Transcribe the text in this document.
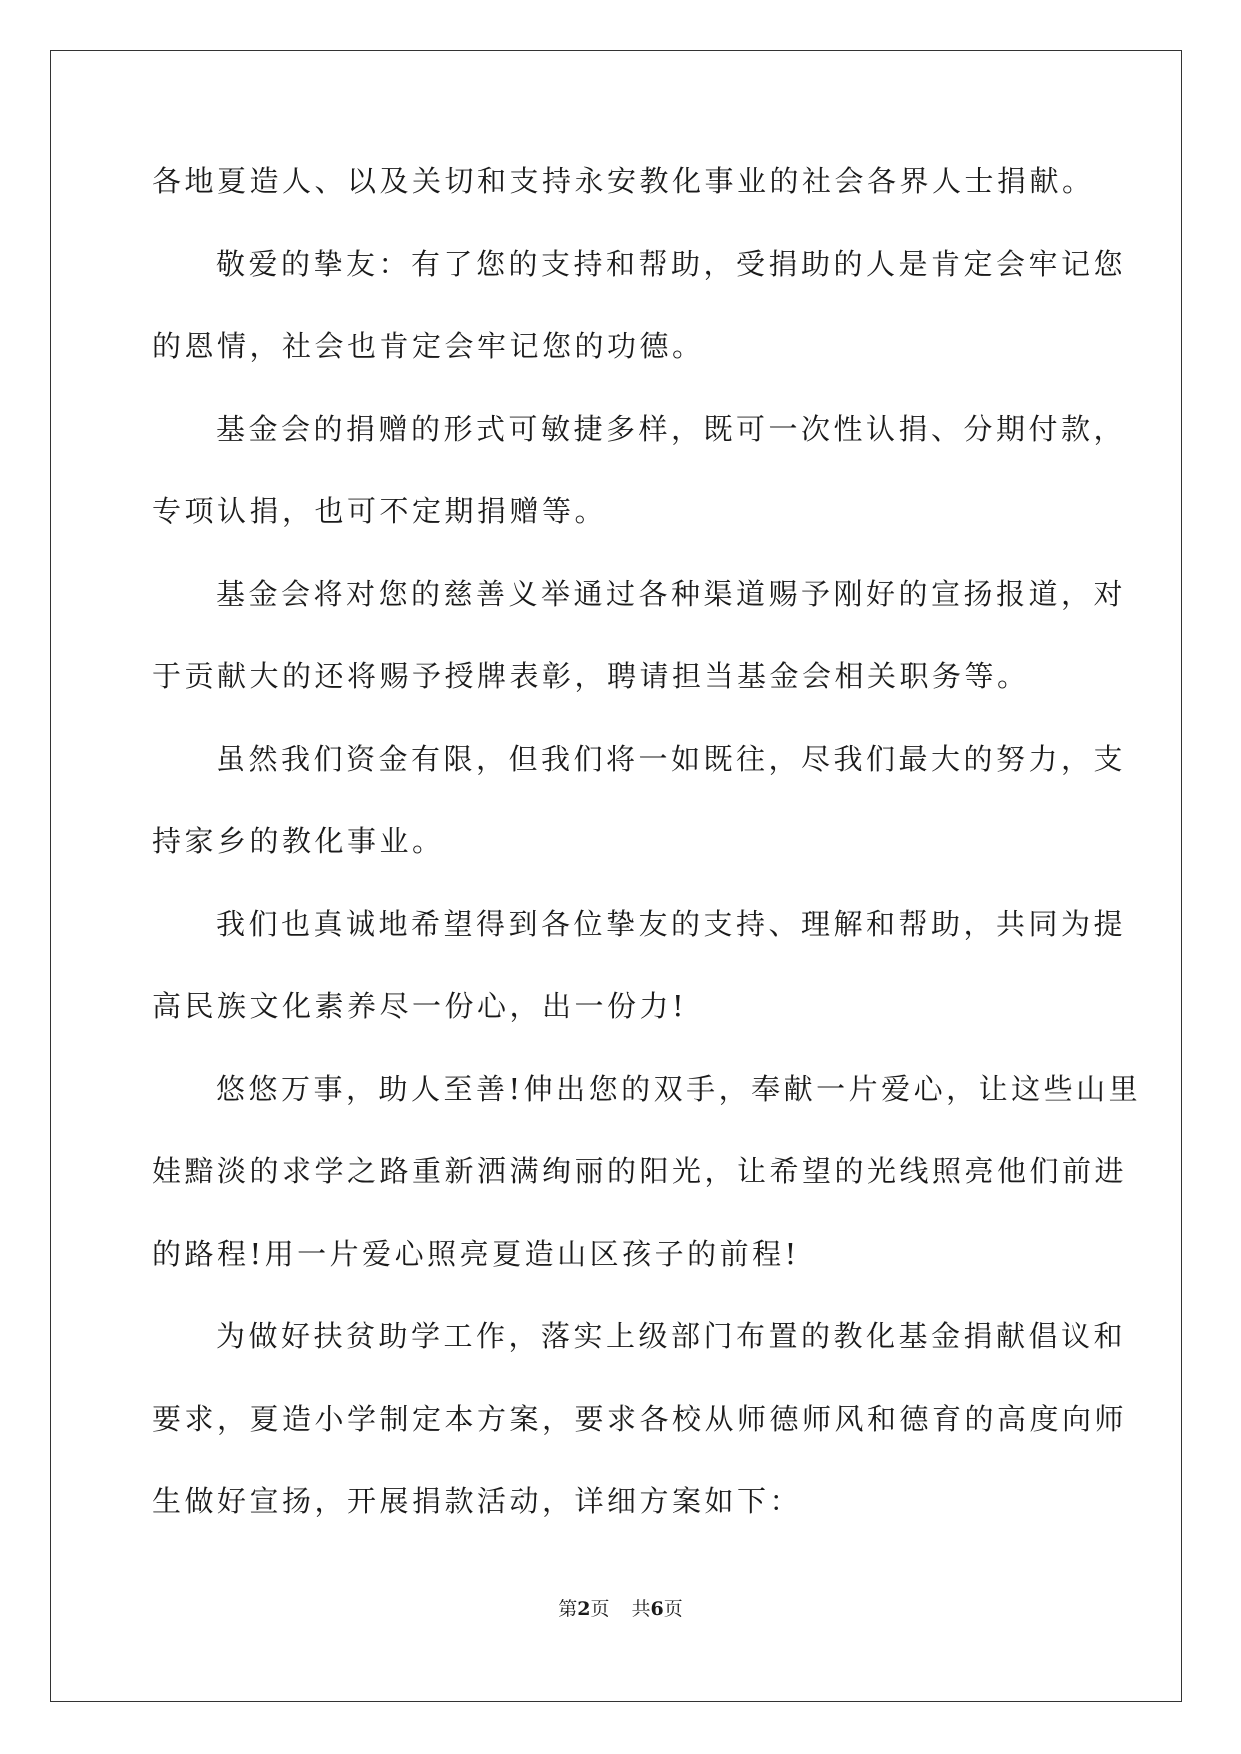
各地夏造人、以及关切和支持永安教化事业的社会各界人士捐献。
敬爱的挚友：有了您的支持和帮助，受捐助的人是肯定会牢记您
的恩情，社会也肯定会牢记您的功德。
基金会的捐赠的形式可敏捷多样，既可一次性认捐、分期付款，
专项认捐，也可不定期捐赠等。
基金会将对您的慈善义举通过各种渠道赐予刚好的宣扬报道，对
于贡献大的还将赐予授牌表彰，聘请担当基金会相关职务等。
虽然我们资金有限，但我们将一如既往，尽我们最大的努力，支
持家乡的教化事业。
我们也真诚地希望得到各位挚友的支持、理解和帮助，共同为提
高民族文化素养尽一份心，出一份力!
悠悠万事，助人至善!伸出您的双手，奉献一片爱心，让这些山里
娃黯淡的求学之路重新洒满绚丽的阳光，让希望的光线照亮他们前进
的路程!用一片爱心照亮夏造山区孩子的前程!
为做好扶贫助学工作，落实上级部门布置的教化基金捐献倡议和
要求，夏造小学制定本方案，要求各校从师德师风和德育的高度向师
生做好宣扬，开展捐款活动，详细方案如下：
第2页 共6页
